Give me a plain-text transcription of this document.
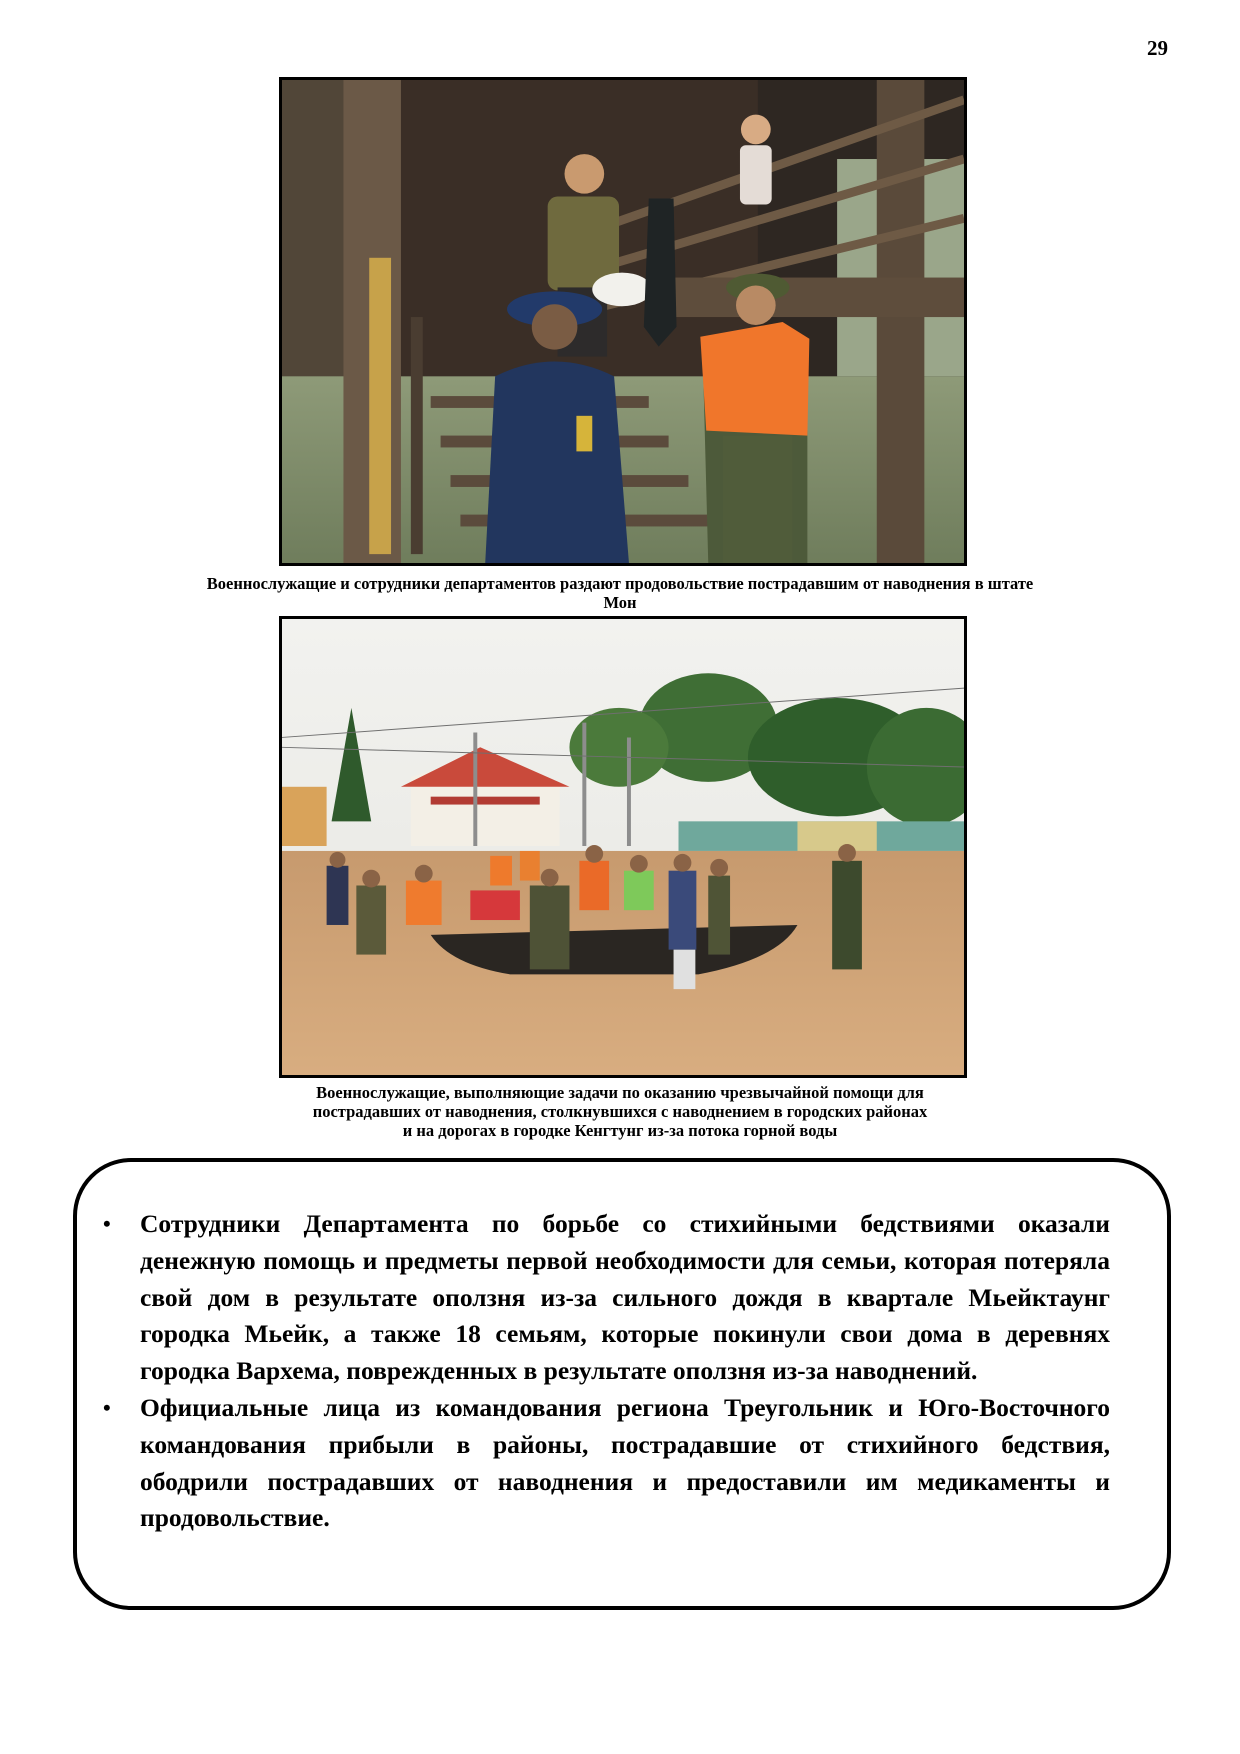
29
Военнослужащие и сотрудники департаментов раздают продовольствие пострадавшим от наводнения в штате
Мон
Военнослужащие, выполняющие задачи по оказанию чрезвычайной помощи для
пострадавших от наводнения, столкнувшихся с наводнением в городских районах
и на дорогах в городке Кенгтунг из-за потока горной воды
• Сотрудники Департамента по борьбе со стихийными бедствиями оказали денежную помощь и предметы первой необходимости для семьи, которая потеряла свой дом в результате оползня из-за сильного дождя в квартале Мьейктаунг городка Мьейк, а также 18 семьям, которые покинули свои дома в деревнях городка Вархема, поврежденных в результате оползня из-за наводнений.
• Официальные лица из командования региона Треугольник и Юго-Восточного командования прибыли в районы, пострадавшие от стихийного бедствия, ободрили пострадавших от наводнения и предоставили им медикаменты и продовольствие.
